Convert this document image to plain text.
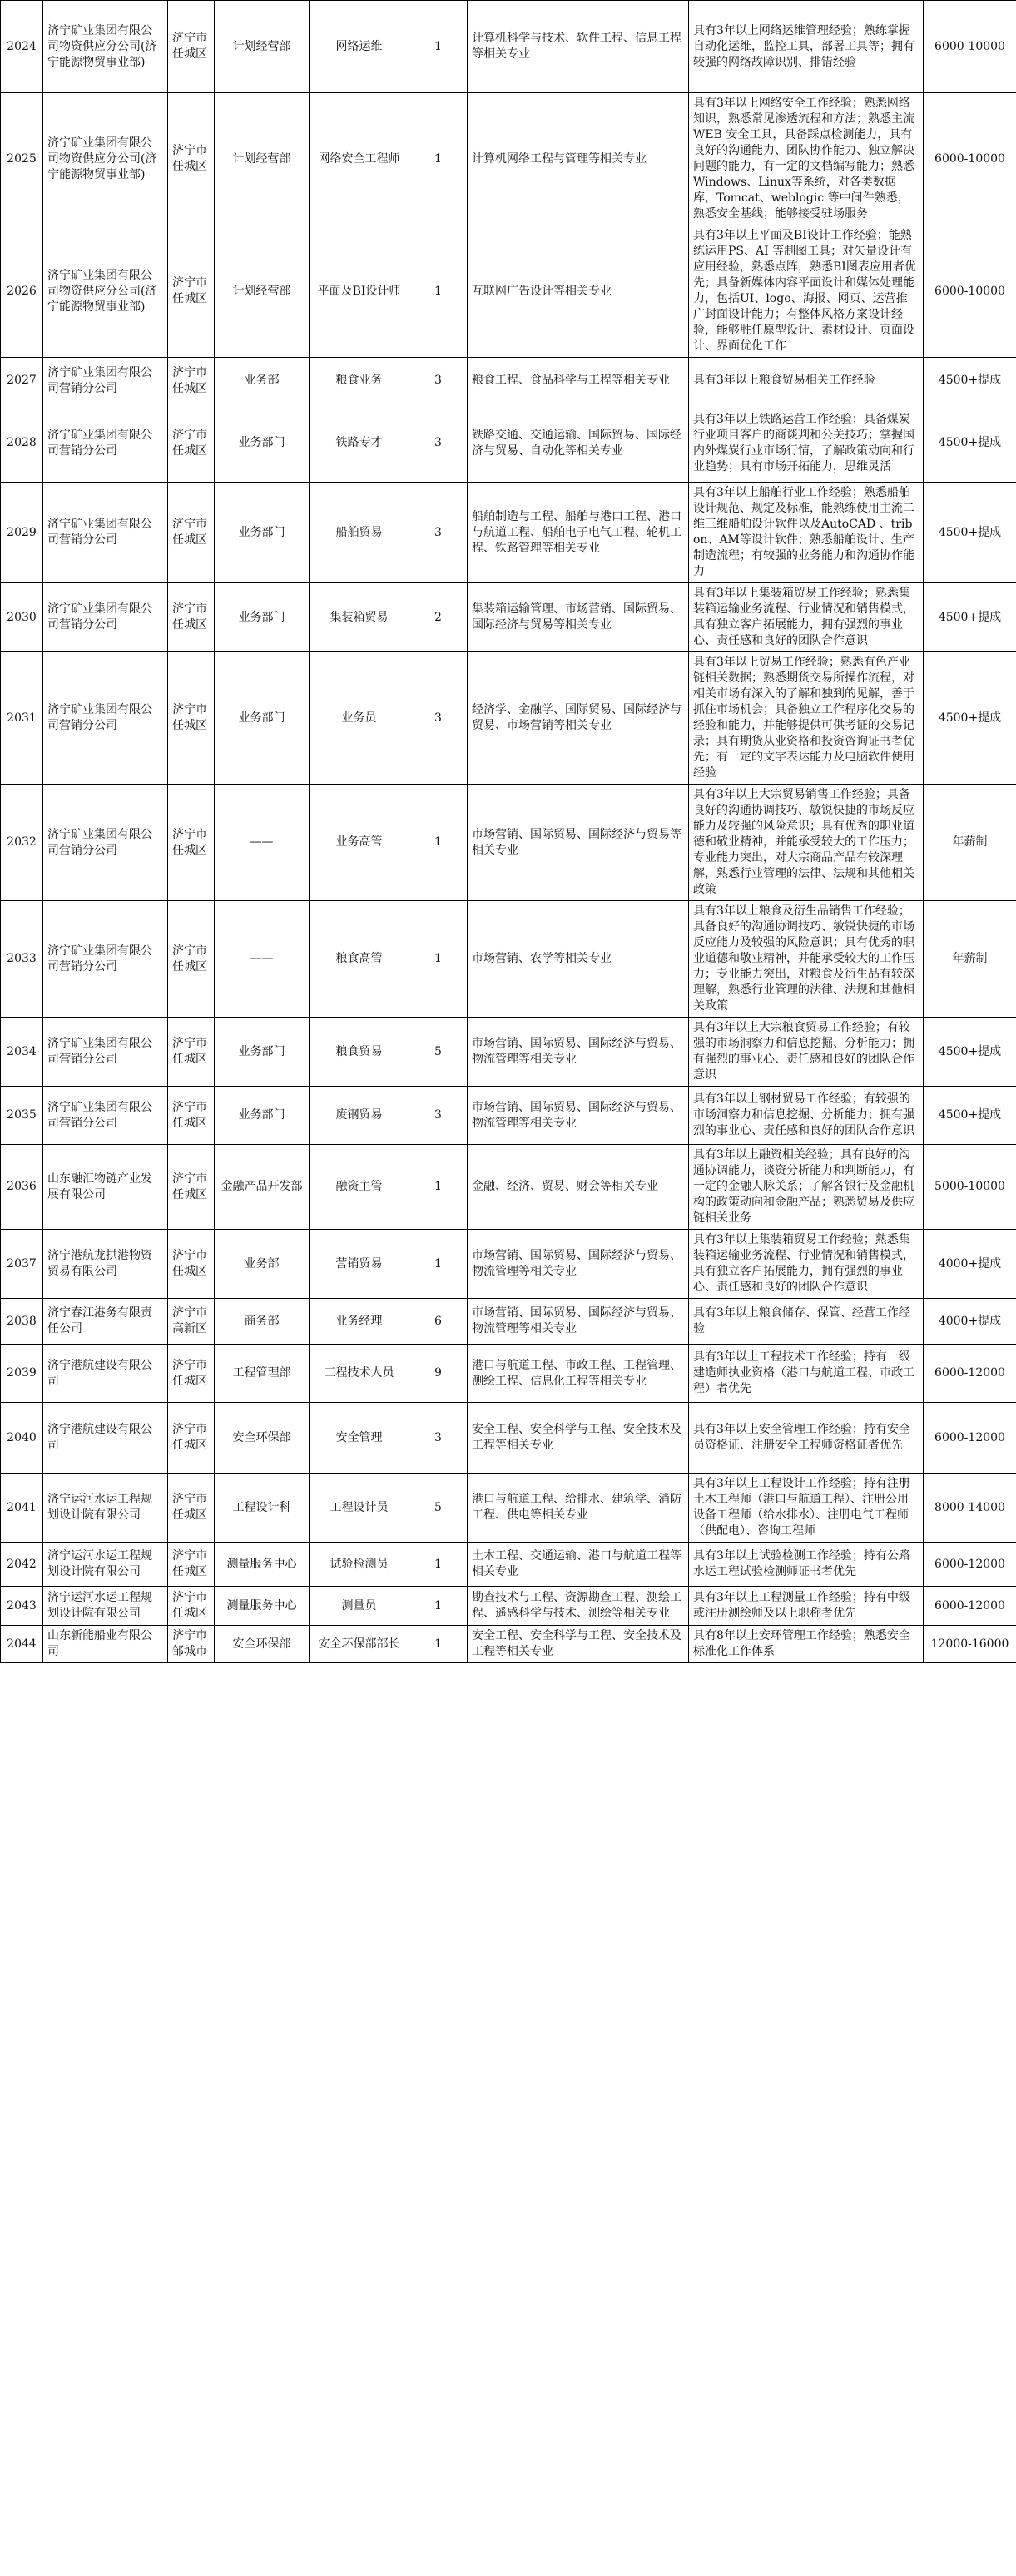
2024	济宁矿业集团有限公司物资供应分公司(济宁能源物贸事业部)	济宁市任城区	计划经营部	网络运维	1	计算机科学与技术、软件工程、信息工程等相关专业	具有3年以上网络运维管理经验；熟练掌握自动化运维，监控工具，部署工具等；拥有较强的网络故障识别、排错经验	6000-10000
2025	济宁矿业集团有限公司物资供应分公司(济宁能源物贸事业部)	济宁市任城区	计划经营部	网络安全工程师	1	计算机网络工程与管理等相关专业	具有3年以上网络安全工作经验；熟悉网络知识，熟悉常见渗透流程和方法；熟悉主流WEB 安全工具，具备踩点检测能力，具有良好的沟通能力、团队协作能力、独立解决问题的能力，有一定的文档编写能力；熟悉Windows、Linux等系统，对各类数据库，Tomcat、weblogic 等中间件熟悉，熟悉安全基线；能够接受驻场服务	6000-10000
2026	济宁矿业集团有限公司物资供应分公司(济宁能源物贸事业部)	济宁市任城区	计划经营部	平面及BI设计师	1	互联网广告设计等相关专业	具有3年以上平面及BI设计工作经验；能熟练运用PS、AI 等制图工具；对矢量设计有应用经验，熟悉点阵，熟悉BI图表应用者优先；具备新媒体内容平面设计和媒体处理能力，包括UI、logo、海报、网页、运营推广封面设计能力；有整体风格方案设计经验，能够胜任原型设计、素材设计、页面设计、界面优化工作	6000-10000
2027	济宁矿业集团有限公司营销分公司	济宁市任城区	业务部	粮食业务	3	粮食工程、食品科学与工程等相关专业	具有3年以上粮食贸易相关工作经验	4500+提成
2028	济宁矿业集团有限公司营销分公司	济宁市任城区	业务部门	铁路专才	3	铁路交通、交通运输、国际贸易、国际经济与贸易、自动化等相关专业	具有3年以上铁路运营工作经验；具备煤炭行业项目客户的商谈判和公关技巧；掌握国内外煤炭行业市场行情，了解政策动向和行业趋势；具有市场开拓能力，思维灵活	4500+提成
2029	济宁矿业集团有限公司营销分公司	济宁市任城区	业务部门	船舶贸易	3	船舶制造与工程、船舶与港口工程、港口与航道工程、船舶电子电气工程、轮机工程、铁路管理等相关专业	具有3年以上船舶行业工作经验；熟悉船舶设计规范、规定及标准，能熟练使用主流二维三维船舶设计软件以及AutoCAD 、tribon、AM等设计软件；熟悉船舶设计、生产制造流程；有较强的业务能力和沟通协作能力	4500+提成
2030	济宁矿业集团有限公司营销分公司	济宁市任城区	业务部门	集装箱贸易	2	集装箱运输管理、市场营销、国际贸易、国际经济与贸易等相关专业	具有3年以上集装箱贸易工作经验；熟悉集装箱运输业务流程、行业情况和销售模式，具有独立客户拓展能力，拥有强烈的事业心、责任感和良好的团队合作意识	4500+提成
2031	济宁矿业集团有限公司营销分公司	济宁市任城区	业务部门	业务员	3	经济学、金融学、国际贸易、国际经济与贸易、市场营销等相关专业	具有3年以上贸易工作经验；熟悉有色产业链相关数据；熟悉期货交易所操作流程，对相关市场有深入的了解和独到的见解，善于抓住市场机会；具备独立工作程序化交易的经验和能力，并能够提供可供考证的交易记录；具有期货从业资格和投资咨询证书者优先；有一定的文字表达能力及电脑软件使用经验	4500+提成
2032	济宁矿业集团有限公司营销分公司	济宁市任城区	——	业务高管	1	市场营销、国际贸易、国际经济与贸易等相关专业	具有3年以上大宗贸易销售工作经验；具备良好的沟通协调技巧、敏锐快捷的市场反应能力及较强的风险意识；具有优秀的职业道德和敬业精神，并能承受较大的工作压力；专业能力突出，对大宗商品产品有较深理解，熟悉行业管理的法律、法规和其他相关政策	年薪制
2033	济宁矿业集团有限公司营销分公司	济宁市任城区	——	粮食高管	1	市场营销、农学等相关专业	具有3年以上粮食及衍生品销售工作经验；具备良好的沟通协调技巧、敏锐快捷的市场反应能力及较强的风险意识；具有优秀的职业道德和敬业精神，并能承受较大的工作压力；专业能力突出，对粮食及衍生品有较深理解，熟悉行业管理的法律、法规和其他相关政策	年薪制
2034	济宁矿业集团有限公司营销分公司	济宁市任城区	业务部门	粮食贸易	5	市场营销、国际贸易、国际经济与贸易、物流管理等相关专业	具有3年以上大宗粮食贸易工作经验；有较强的市场洞察力和信息挖掘、分析能力；拥有强烈的事业心、责任感和良好的团队合作意识	4500+提成
2035	济宁矿业集团有限公司营销分公司	济宁市任城区	业务部门	废钢贸易	3	市场营销、国际贸易、国际经济与贸易、物流管理等相关专业	具有3年以上钢材贸易工作经验；有较强的市场洞察力和信息挖掘、分析能力；拥有强烈的事业心、责任感和良好的团队合作意识	4500+提成
2036	山东融汇物链产业发展有限公司	济宁市任城区	金融产品开发部	融资主管	1	金融、经济、贸易、财会等相关专业	具有3年以上融资相关经验；具有良好的沟通协调能力，谈资分析能力和判断能力，有一定的金融人脉关系；了解各银行及金融机构的政策动向和金融产品；熟悉贸易及供应链相关业务	5000-10000
2037	济宁港航龙拱港物资贸易有限公司	济宁市任城区	业务部	营销贸易	1	市场营销、国际贸易、国际经济与贸易、物流管理等相关专业	具有3年以上集装箱贸易工作经验；熟悉集装箱运输业务流程、行业情况和销售模式，具有独立客户拓展能力，拥有强烈的事业心、责任感和良好的团队合作意识	4000+提成
2038	济宁春江港务有限责任公司	济宁市高新区	商务部	业务经理	6	市场营销、国际贸易、国际经济与贸易、物流管理等相关专业	具有3年以上粮食储存、保管、经营工作经验	4000+提成
2039	济宁港航建设有限公司	济宁市任城区	工程管理部	工程技术人员	9	港口与航道工程、市政工程、工程管理、测绘工程、信息化工程等相关专业	具有3年以上工程技术工作经验；持有一级建造师执业资格（港口与航道工程、市政工程）者优先	6000-12000
2040	济宁港航建设有限公司	济宁市任城区	安全环保部	安全管理	3	安全工程、安全科学与工程、安全技术及工程等相关专业	具有3年以上安全管理工作经验；持有安全员资格证、注册安全工程师资格证者优先	6000-12000
2041	济宁运河水运工程规划设计院有限公司	济宁市任城区	工程设计科	工程设计员	5	港口与航道工程、给排水、建筑学、消防工程、供电等相关专业	具有3年以上工程设计工作经验；持有注册土木工程师（港口与航道工程）、注册公用设备工程师（给水排水）、注册电气工程师（供配电）、咨询工程师	8000-14000
2042	济宁运河水运工程规划设计院有限公司	济宁市任城区	测量服务中心	试验检测员	1	土木工程、交通运输、港口与航道工程等相关专业	具有3年以上试验检测工作经验；持有公路水运工程试验检测师证书者优先	6000-12000
2043	济宁运河水运工程规划设计院有限公司	济宁市任城区	测量服务中心	测量员	1	勘查技术与工程、资源勘查工程、测绘工程、遥感科学与技术、测绘等相关专业	具有3年以上工程测量工作经验；持有中级或注册测绘师及以上职称者优先	6000-12000
2044	山东新能船业有限公司	济宁市邹城市	安全环保部	安全环保部部长	1	安全工程、安全科学与工程、安全技术及工程等相关专业	具有8年以上安环管理工作经验；熟悉安全标准化工作体系	12000-16000
